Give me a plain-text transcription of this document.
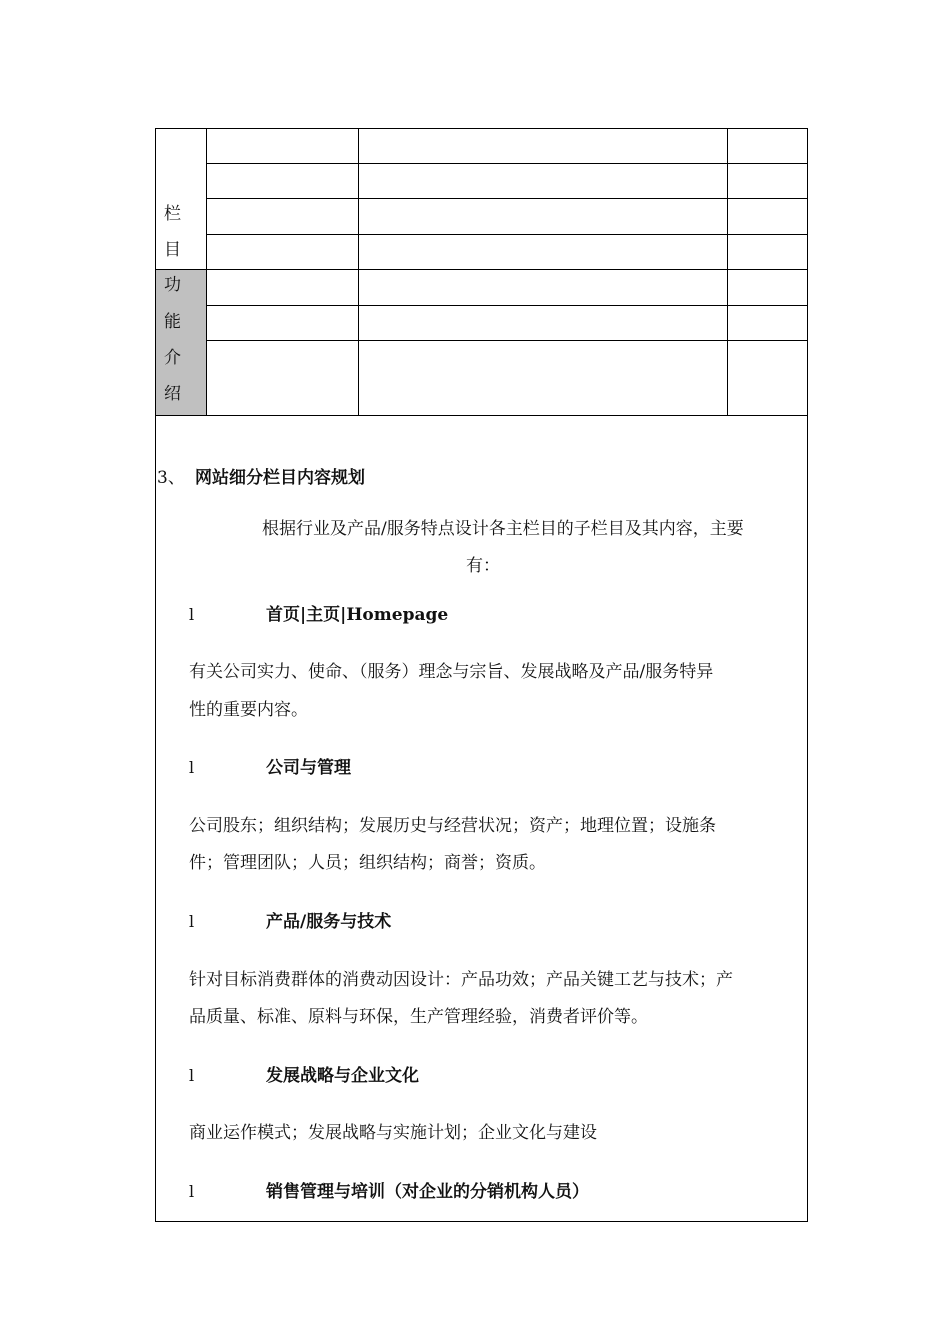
栏
目
功
能
介
绍
3、 网站细分栏目内容规划
根据行业及产品/服务特点设计各主栏目的子栏目及其内容，主要
有：
l	首页|主页|Homepage
有关公司实力、使命、（服务）理念与宗旨、发展战略及产品/服务特异
性的重要内容。
l	公司与管理
公司股东；组织结构；发展历史与经营状况；资产；地理位置；设施条
件；管理团队；人员；组织结构；商誉；资质。
l	产品/服务与技术
针对目标消费群体的消费动因设计：产品功效；产品关键工艺与技术；产
品质量、标准、原料与环保，生产管理经验，消费者评价等。
l	发展战略与企业文化
商业运作模式；发展战略与实施计划；企业文化与建设
l	销售管理与培训（对企业的分销机构人员）
